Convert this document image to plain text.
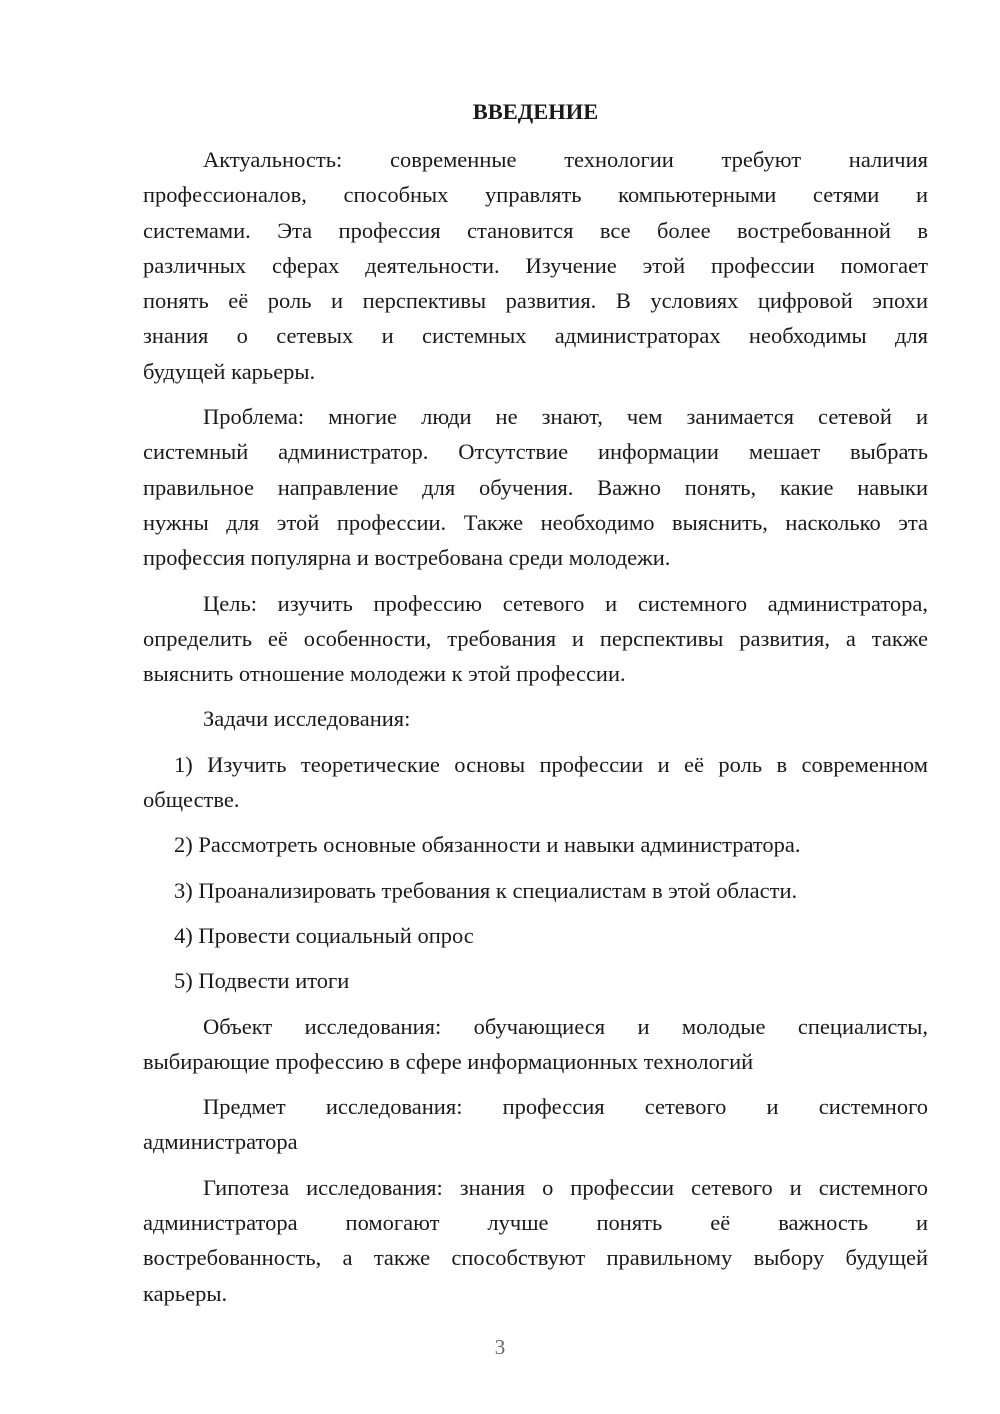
ВВЕДЕНИЕ

Актуальность: современные технологии требуют наличия
профессионалов, способных управлять компьютерными сетями и
системами. Эта профессия становится все более востребованной в
различных сферах деятельности. Изучение этой профессии помогает
понять её роль и перспективы развития. В условиях цифровой эпохи
знания о сетевых и системных администраторах необходимы для
будущей карьеры.

Проблема: многие люди не знают, чем занимается сетевой и
системный администратор. Отсутствие информации мешает выбрать
правильное направление для обучения. Важно понять, какие навыки
нужны для этой профессии. Также необходимо выяснить, насколько эта
профессия популярна и востребована среди молодежи.

Цель: изучить профессию сетевого и системного администратора,
определить её особенности, требования и перспективы развития, а также
выяснить отношение молодежи к этой профессии.

Задачи исследования:

1) Изучить теоретические основы профессии и её роль в современном
обществе.

2) Рассмотреть основные обязанности и навыки администратора.

3) Проанализировать требования к специалистам в этой области.

4) Провести социальный опрос

5) Подвести итоги

Объект исследования: обучающиеся и молодые специалисты,
выбирающие профессию в сфере информационных технологий

Предмет исследования: профессия сетевого и системного
администратора

Гипотеза исследования: знания о профессии сетевого и системного
администратора помогают лучше понять её важность и
востребованность, а также способствуют правильному выбору будущей
карьеры.

3
